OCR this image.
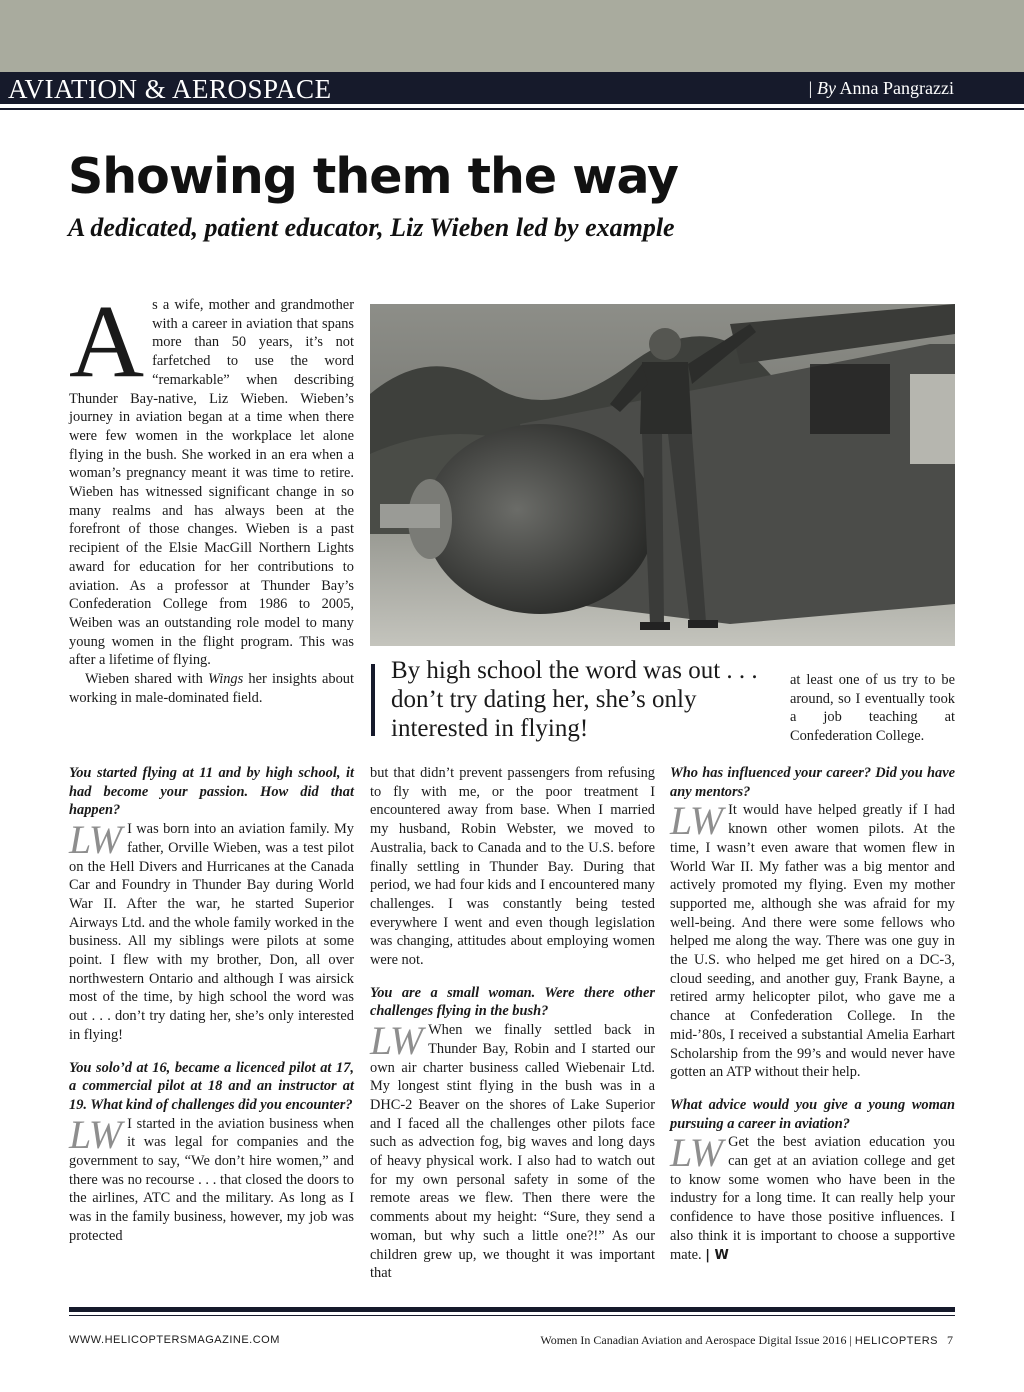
AVIATION & AEROSPACE	| By Anna Pangrazzi
Showing them the way
A dedicated, patient educator, Liz Wieben led by example
A s a wife, mother and grandmother with a career in aviation that spans more than 50 years, it’s not farfetched to use the word “remarkable” when describing Thunder Bay-native, Liz Wieben. Wieben’s journey in aviation began at a time when there were few women in the workplace let alone flying in the bush. She worked in an era when a woman’s pregnancy meant it was time to retire. Wieben has witnessed significant change in so many realms and has always been at the forefront of those changes. Wieben is a past recipient of the Elsie MacGill Northern Lights award for education for her contributions to aviation. As a professor at Thunder Bay’s Confederation College from 1986 to 2005, Weiben was an outstanding role model to many young women in the flight program. This was after a lifetime of flying.

Wieben shared with Wings her insights about working in male-dominated field.

By high school the word was out . . . don’t try dating her, she’s only interested in flying!

at least one of us try to be around, so I eventually took a job teaching at Confederation College.

You started flying at 11 and by high school, it had become your passion. How did that happen?

LW I was born into an aviation family. My father, Orville Wieben, was a test pilot on the Hell Divers and Hurricanes at the Canada Car and Foundry in Thunder Bay during World War II. After the war, he started Superior Airways Ltd. and the whole family worked in the business. All my siblings were pilots at some point. I flew with my brother, Don, all over northwestern Ontario and although I was airsick most of the time, by high school the word was out . . . don’t try dating her, she’s only interested in flying!

You solo’d at 16, became a licenced pilot at 17, a commercial pilot at 18 and an instructor at 19. What kind of challenges did you encounter?

LW I started in the aviation business when it was legal for companies and the government to say, “We don’t hire women,” and there was no recourse . . . that closed the doors to the airlines, ATC and the military. As long as I was in the family business, however, my job was protected

but that didn’t prevent passengers from refusing to fly with me, or the poor treatment I encountered away from base. When I married my husband, Robin Webster, we moved to Australia, back to Canada and to the U.S. before finally settling in Thunder Bay. During that period, we had four kids and I encountered many challenges. I was constantly being tested everywhere I went and even though legislation was changing, attitudes about employing women were not.

You are a small woman. Were there other challenges flying in the bush?

LW When we finally settled back in Thunder Bay, Robin and I started our own air charter business called Wiebenair Ltd. My longest stint flying in the bush was in a DHC-2 Beaver on the shores of Lake Superior and I faced all the challenges other pilots face such as advection fog, big waves and long days of heavy physical work. I also had to watch out for my own personal safety in some of the remote areas we flew. Then there were the comments about my height: “Sure, they send a woman, but why such a little one?!” As our children grew up, we thought it was important that

Who has influenced your career? Did you have any mentors?

LW It would have helped greatly if I had known other women pilots. At the time, I wasn’t even aware that women flew in World War II. My father was a big mentor and actively promoted my flying. Even my mother supported me, although she was afraid for my well-being. And there were some fellows who helped me along the way. There was one guy in the U.S. who helped me get hired on a DC-3, cloud seeding, and another guy, Frank Bayne, a retired army helicopter pilot, who gave me a chance at Confederation College. In the mid-’80s, I received a substantial Amelia Earhart Scholarship from the 99’s and would never have gotten an ATP without their help.

What advice would you give a young woman pursuing a career in aviation?

LW Get the best aviation education you can get at an aviation college and get to know some women who have been in the industry for a long time. It can really help your confidence to have those positive influences. I also think it is important to choose a supportive mate. | W

WWW.HELICOPTERSMAGAZINE.COM	Women In Canadian Aviation and Aerospace Digital Issue 2016 | HELICOPTERS 7
